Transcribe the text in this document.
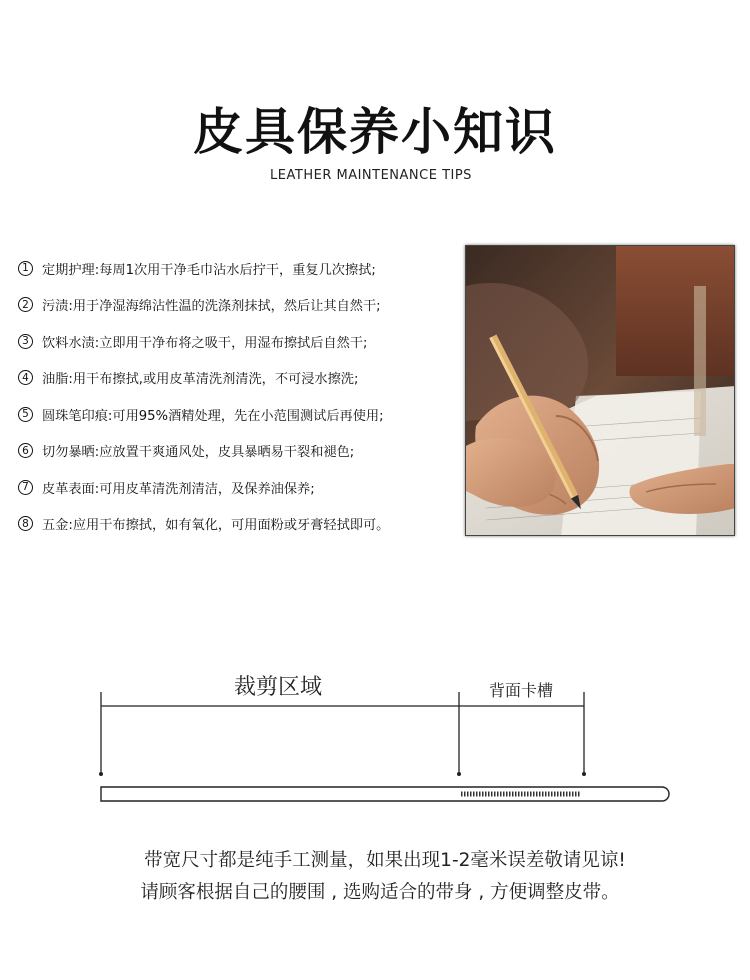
皮具保养小知识
LEATHER MAINTENANCE TIPS
1 定期护理:每周1次用干净毛巾沾水后拧干，重复几次擦拭;
2 污渍:用于净湿海绵沾性温的洗涤剂抹拭，然后让其自然干;
3 饮料水渍:立即用干净布将之吸干，用湿布擦拭后自然干;
4 油脂:用干布擦拭,或用皮革清洗剂清洗，不可浸水擦洗;
5 圆珠笔印痕:可用95%酒精处理，先在小范围测试后再使用;
6 切勿暴晒:应放置干爽通风处，皮具暴晒易干裂和褪色;
7 皮革表面:可用皮革清洗剂清洁，及保养油保养;
8 五金:应用干布擦拭，如有氧化，可用面粉或牙膏轻拭即可。
裁剪区域	背面卡槽
带宽尺寸都是纯手工测量，如果出现1-2毫米误差敬请见谅!
请顾客根据自己的腰围 , 选购适合的带身 , 方便调整皮带。
